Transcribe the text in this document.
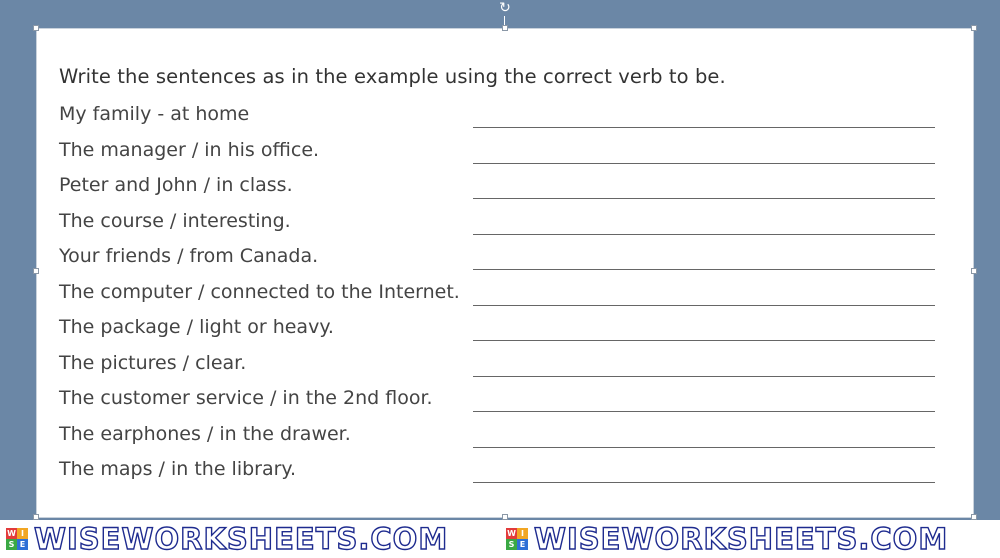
↻
Write the sentences as in the example using the correct verb to be.
My family - at home
The manager / in his office.
Peter and John / in class.
The course / interesting.
Your friends / from Canada.
The computer / connected to the Internet.
The package / light or heavy.
The pictures / clear.
The customer service / in the 2nd floor.
The earphones / in the drawer.
The maps / in the library.
W I
S E WISEWORKSHEETS.COM	W I
S E WISEWORKSHEETS.COM
